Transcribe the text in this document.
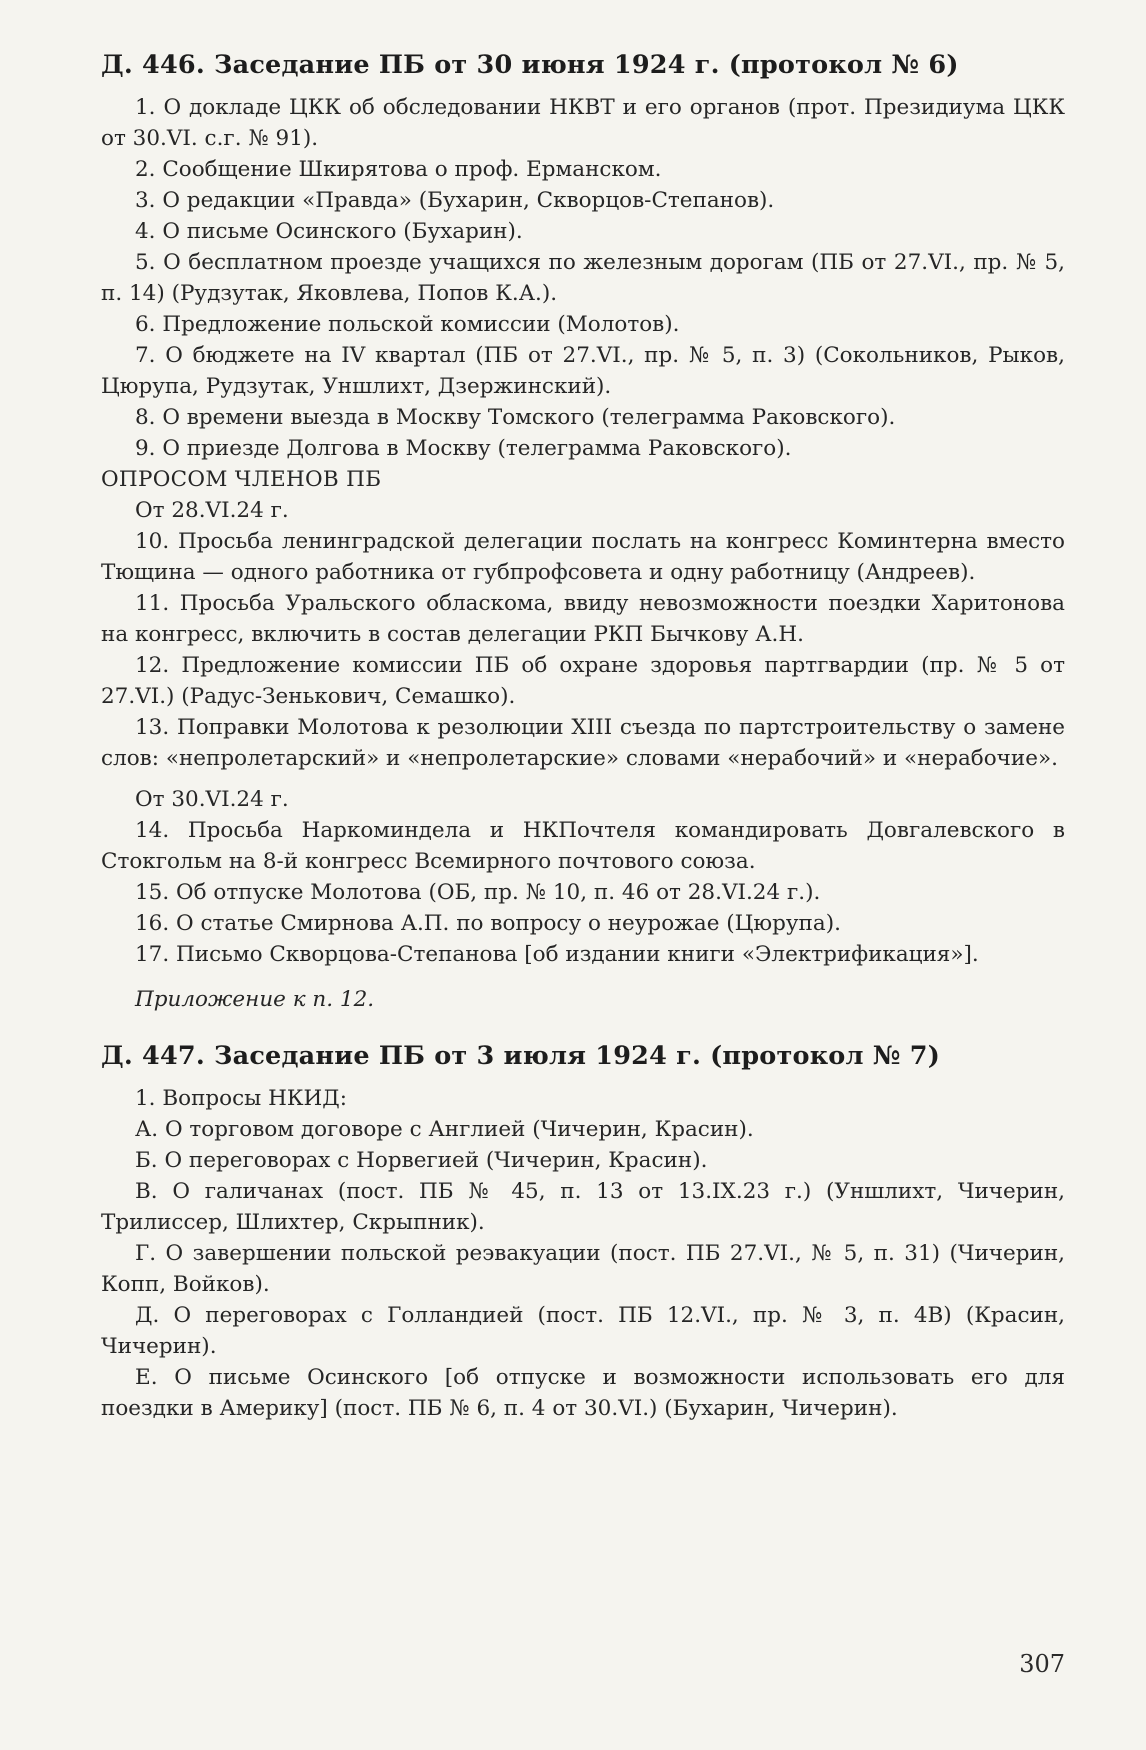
Д. 446. Заседание ПБ от 30 июня 1924 г. (протокол № 6)

1. О докладе ЦКК об обследовании НКВТ и его органов (прот. Президиума ЦКК от 30.VI. с.г. № 91).

2. Сообщение Шкирятова о проф. Ерманском.

3. О редакции «Правда» (Бухарин, Скворцов-Степанов).

4. О письме Осинского (Бухарин).

5. О бесплатном проезде учащихся по железным дорогам (ПБ от 27.VI., пр. № 5, п. 14) (Рудзутак, Яковлева, Попов К.А.).

6. Предложение польской комиссии (Молотов).

7. О бюджете на IV квартал (ПБ от 27.VI., пр. № 5, п. 3) (Сокольников, Рыков, Цюрупа, Рудзутак, Уншлихт, Дзержинский).

8. О времени выезда в Москву Томского (телеграмма Раковского).

9. О приезде Долгова в Москву (телеграмма Раковского).

ОПРОСОМ ЧЛЕНОВ ПБ

От 28.VI.24 г.

10. Просьба ленинградской делегации послать на конгресс Коминтерна вместо Тющина — одного работника от губпрофсовета и одну работницу (Андреев).

11. Просьба Уральского обласкома, ввиду невозможности поездки Харитонова на конгресс, включить в состав делегации РКП Бычкову А.Н.

12. Предложение комиссии ПБ об охране здоровья партгвардии (пр. № 5 от 27.VI.) (Радус-Зенькович, Семашко).

13. Поправки Молотова к резолюции XIII съезда по партстроительству о замене слов: «непролетарский» и «непролетарские» словами «нерабочий» и «нерабочие».

От 30.VI.24 г.

14. Просьба Наркоминдела и НКПочтеля командировать Довгалевского в Стокгольм на 8-й конгресс Всемирного почтового союза.

15. Об отпуске Молотова (ОБ, пр. № 10, п. 46 от 28.VI.24 г.).

16. О статье Смирнова А.П. по вопросу о неурожае (Цюрупа).

17. Письмо Скворцова-Степанова [об издании книги «Электрификация»].

Приложение к п. 12.

Д. 447. Заседание ПБ от 3 июля 1924 г. (протокол № 7)

1. Вопросы НКИД:

А. О торговом договоре с Англией (Чичерин, Красин).

Б. О переговорах с Норвегией (Чичерин, Красин).

В. О галичанах (пост. ПБ № 45, п. 13 от 13.IX.23 г.) (Уншлихт, Чичерин, Трилиссер, Шлихтер, Скрыпник).

Г. О завершении польской реэвакуации (пост. ПБ 27.VI., № 5, п. 31) (Чичерин, Копп, Войков).

Д. О переговорах с Голландией (пост. ПБ 12.VI., пр. № 3, п. 4В) (Красин, Чичерин).

Е. О письме Осинского [об отпуске и возможности использовать его для поездки в Америку] (пост. ПБ № 6, п. 4 от 30.VI.) (Бухарин, Чичерин).

307
